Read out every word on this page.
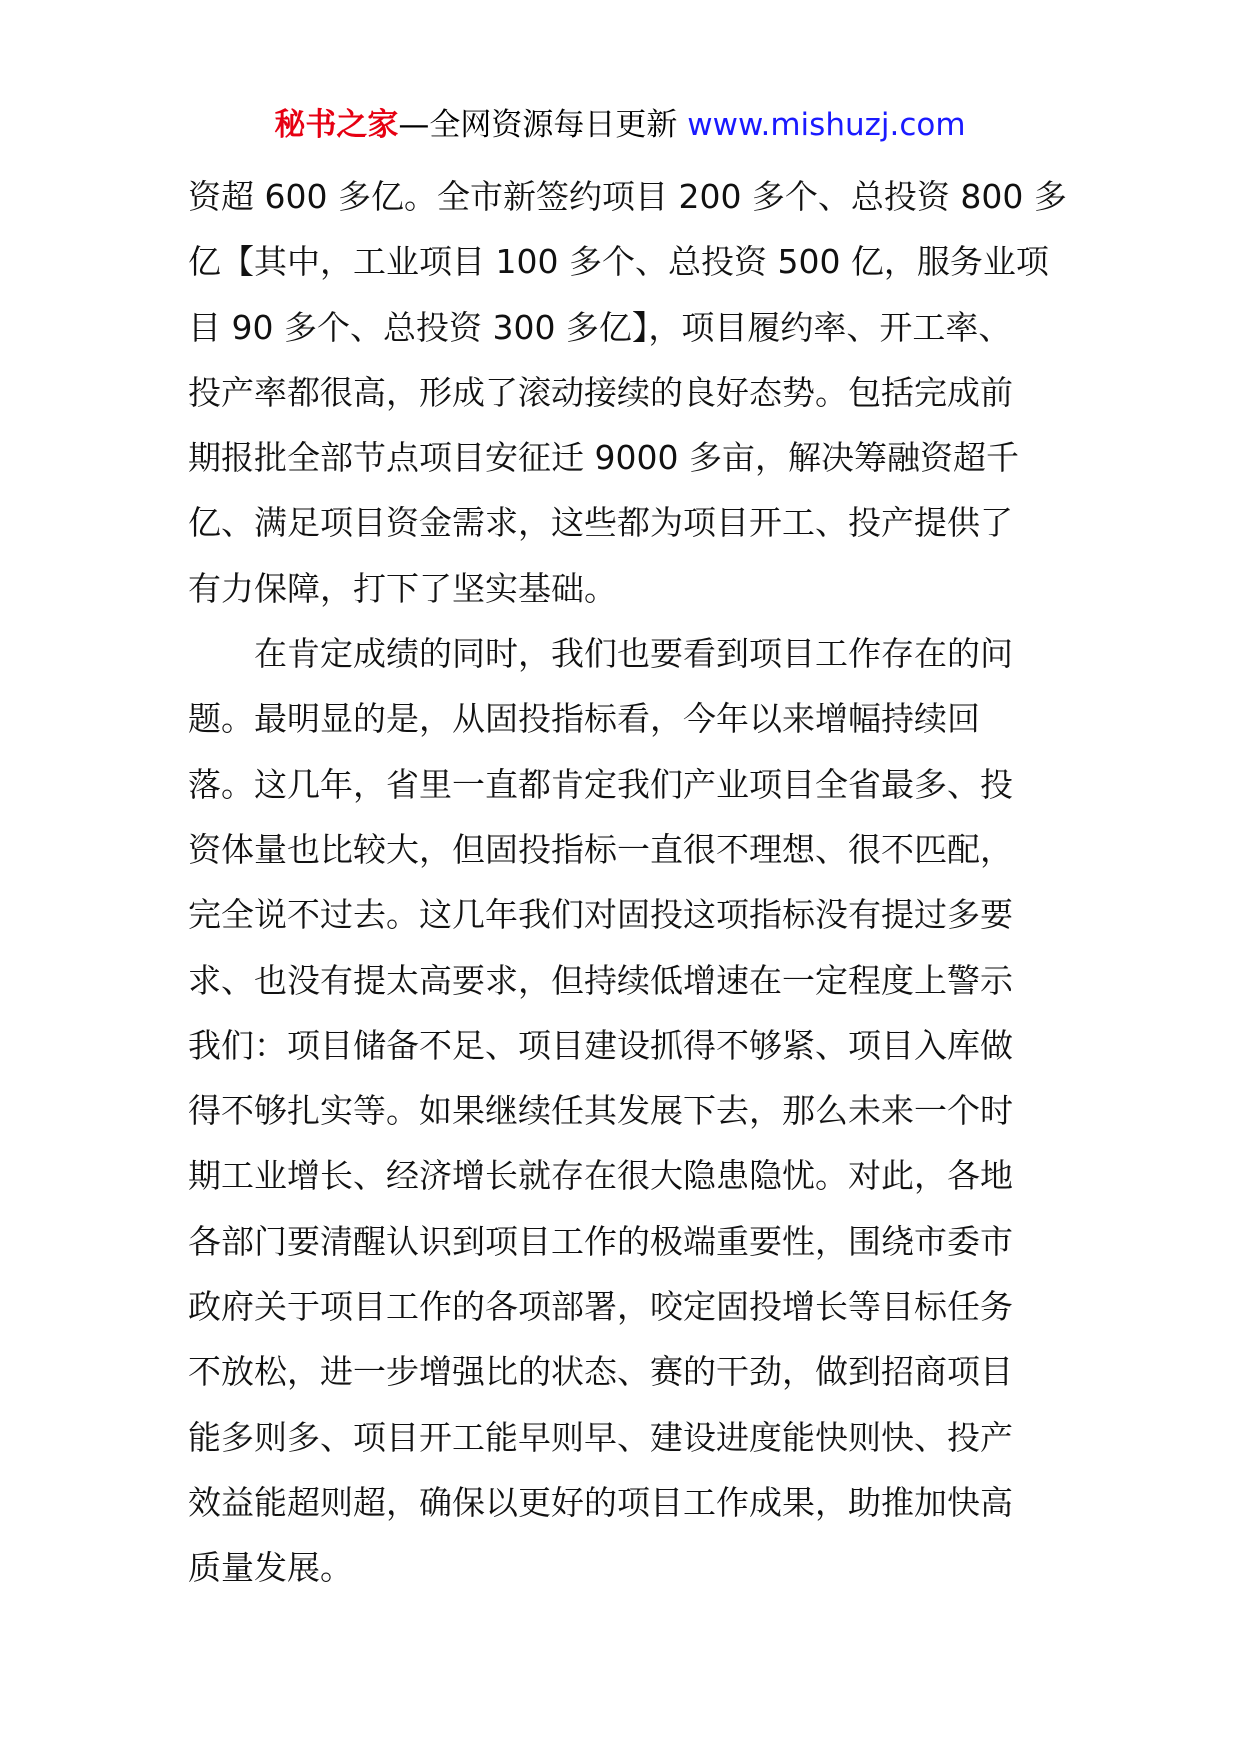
秘书之家—全网资源每日更新 www.mishuzj.com
资超 600 多亿。全市新签约项目 200 多个、总投资 800 多
亿【其中，工业项目 100 多个、总投资 500 亿，服务业项
目 90 多个、总投资 300 多亿】，项目履约率、开工率、
投产率都很高，形成了滚动接续的良好态势。包括完成前
期报批全部节点项目安征迁 9000 多亩，解决筹融资超千
亿、满足项目资金需求，这些都为项目开工、投产提供了
有力保障，打下了坚实基础。
在肯定成绩的同时，我们也要看到项目工作存在的问
题。最明显的是，从固投指标看，今年以来增幅持续回
落。这几年，省里一直都肯定我们产业项目全省最多、投
资体量也比较大，但固投指标一直很不理想、很不匹配，
完全说不过去。这几年我们对固投这项指标没有提过多要
求、也没有提太高要求，但持续低增速在一定程度上警示
我们：项目储备不足、项目建设抓得不够紧、项目入库做
得不够扎实等。如果继续任其发展下去，那么未来一个时
期工业增长、经济增长就存在很大隐患隐忧。对此，各地
各部门要清醒认识到项目工作的极端重要性，围绕市委市
政府关于项目工作的各项部署，咬定固投增长等目标任务
不放松，进一步增强比的状态、赛的干劲，做到招商项目
能多则多、项目开工能早则早、建设进度能快则快、投产
效益能超则超，确保以更好的项目工作成果，助推加快高
质量发展。
